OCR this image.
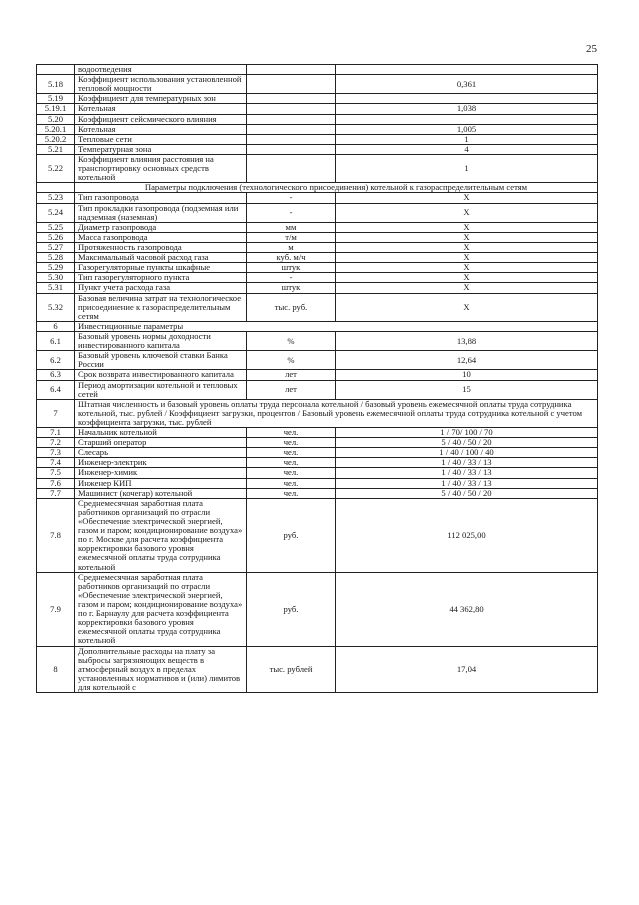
25
	водоотведения		
5.18	Коэффициент использования установленной тепловой мощности		0,361
5.19	Коэффициент для температурных зон		
5.19.1	Котельная		1,038
5.20	Коэффициент сейсмического влияния		
5.20.1	Котельная		1,005
5.20.2	Тепловые сети		1
5.21	Температурная зона		4
5.22	Коэффициент влияния расстояния на транспортировку основных средств котельной		1
	Параметры подключения (технологического присоединения) котельной к газораспределительным сетям		
5.23	Тип газопровода	-	X
5.24	Тип прокладки газопровода (подземная или надземная (наземная)	-	X
5.25	Диаметр газопровода	мм	X
5.26	Масса газопровода	т/м	X
5.27	Протяженность газопровода	м	X
5.28	Максимальный часовой расход газа	куб. м/ч	X
5.29	Газорегуляторные пункты шкафные	штук	X
5.30	Тип газорегуляторного пункта	-	X
5.31	Пункт учета расхода газа	штук	X
5.32	Базовая величина затрат на технологическое присоединение к газораспределительным сетям	тыс. руб.	X
6	Инвестиционные параметры		
6.1	Базовый уровень нормы доходности инвестированного капитала	%	13,88
6.2	Базовый уровень ключевой ставки Банка России	%	12,64
6.3	Срок возврата инвестированного капитала	лет	10
6.4	Период амортизации котельной и тепловых сетей	лет	15
7	Штатная численность и базовый уровень оплаты труда персонала котельной / базовый уровень ежемесячной оплаты труда сотрудника котельной, тыс. рублей / Коэффициент загрузки, процентов / Базовый уровень ежемесячной оплаты труда сотрудника котельной с учетом коэффициента загрузки, тыс. рублей		
7.1	Начальник котельной	чел.	1 / 70/ 100 / 70
7.2	Старший оператор	чел.	5 / 40 / 50 / 20
7.3	Слесарь	чел.	1 / 40 / 100 / 40
7.4	Инженер-электрик	чел.	1 / 40 / 33 / 13
7.5	Инженер-химик	чел.	1 / 40 / 33 / 13
7.6	Инженер КИП	чел.	1 / 40 / 33 / 13
7.7	Машинист (кочегар) котельной	чел.	5 / 40 / 50 / 20
7.8	Среднемесячная заработная плата работников организаций по отрасли «Обеспечение электрической энергией, газом и паром; кондиционирование воздуха» по г. Москве для расчета коэффициента корректировки базового уровня ежемесячной оплаты труда сотрудника котельной	руб.	112 025,00
7.9	Среднемесячная заработная плата работников организаций по отрасли «Обеспечение электрической энергией, газом и паром; кондиционирование воздуха» по г. Барнаулу для расчета коэффициента корректировки базового уровня ежемесячной оплаты труда сотрудника котельной	руб.	44 362,80
8	Дополнительные расходы на плату за выбросы загрязняющих веществ в атмосферный воздух в пределах установленных нормативов и (или) лимитов для котельной с	тыс. рублей	17,04
